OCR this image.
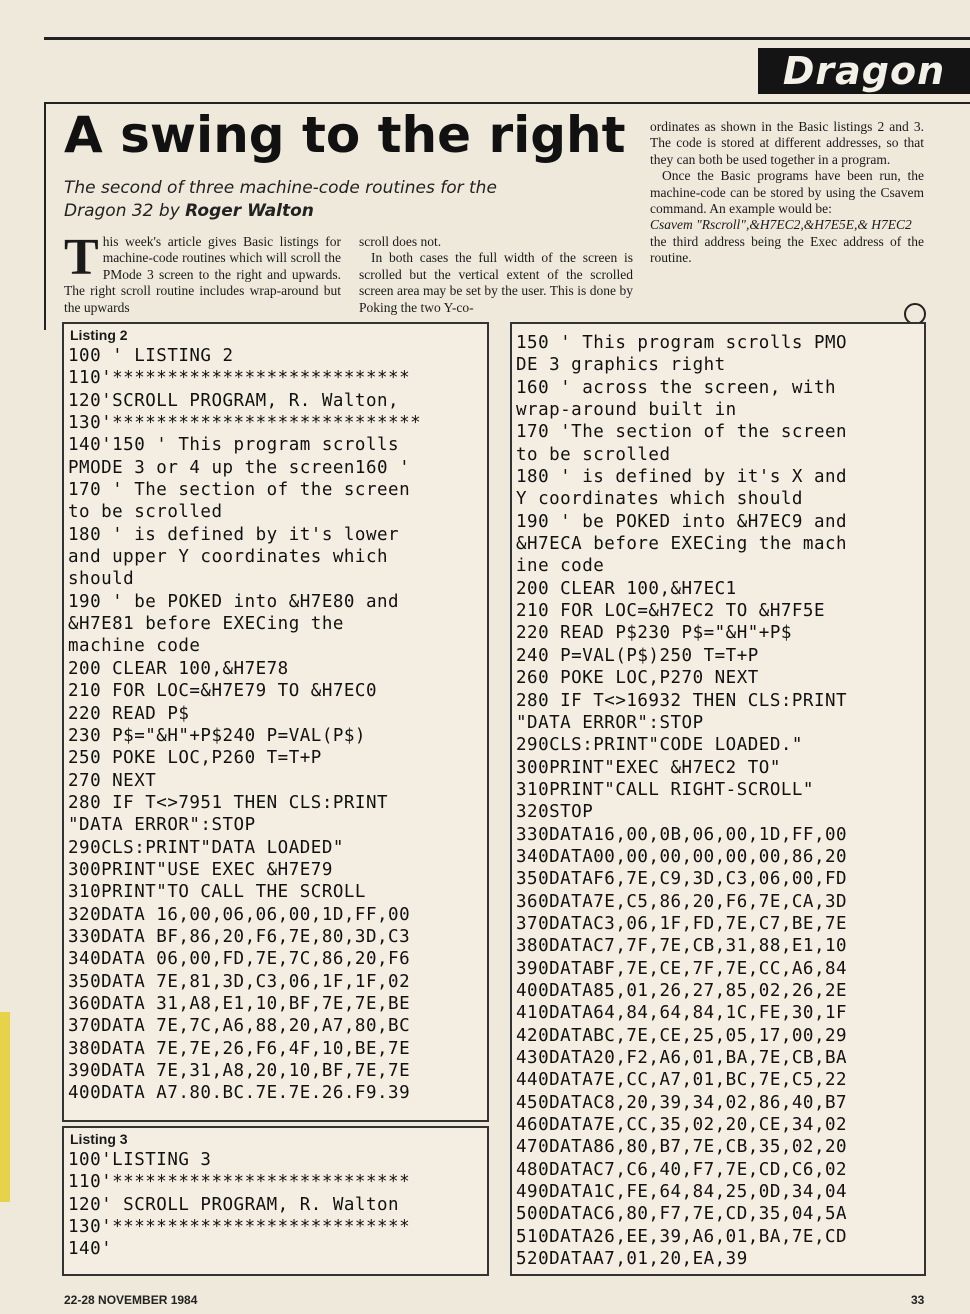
Dragon
A swing to the right
The second of three machine-code routines for the Dragon 32 by Roger Walton
T his week's article gives Basic listings for machine-code routines which will scroll the PMode 3 screen to the right and upwards. The right scroll routine includes wrap-around but the upwards

scroll does not.

In both cases the full width of the screen is scrolled but the vertical extent of the scrolled screen area may be set by the user. This is done by Poking the two Y-co-

ordinates as shown in the Basic listings 2 and 3. The code is stored at different addresses, so that they can both be used together in a program.

Once the Basic programs have been run, the machine-code can be stored by using the Csavem command. An example would be:

Csavem "Rscroll",&H7EC2,&H7E5E,& H7EC2

the third address being the Exec address of the routine.

Listing 2
100 ' LISTING 2
110'***************************
120'SCROLL PROGRAM, R. Walton,
130'****************************
140'150 ' This program scrolls
PMODE 3 or 4 up the screen160 '
170 ' The section of the screen
to be scrolled
180 ' is defined by it's lower
and upper Y coordinates which
should
190 ' be POKED into &H7E80 and
&H7E81 before EXECing the
machine code
200 CLEAR 100,&H7E78
210 FOR LOC=&H7E79 TO &H7EC0
220 READ P$
230 P$="&H"+P$240 P=VAL(P$)
250 POKE LOC,P260 T=T+P
270 NEXT
280 IF T<>7951 THEN CLS:PRINT
"DATA ERROR":STOP
290CLS:PRINT"DATA LOADED"
300PRINT"USE EXEC &H7E79
310PRINT"TO CALL THE SCROLL
320DATA 16,00,06,06,00,1D,FF,00
330DATA BF,86,20,F6,7E,80,3D,C3
340DATA 06,00,FD,7E,7C,86,20,F6
350DATA 7E,81,3D,C3,06,1F,1F,02
360DATA 31,A8,E1,10,BF,7E,7E,BE
370DATA 7E,7C,A6,88,20,A7,80,BC
380DATA 7E,7E,26,F6,4F,10,BE,7E
390DATA 7E,31,A8,20,10,BF,7E,7E
400DATA A7.80.BC.7E.7E.26.F9.39
Listing 3
100'LISTING 3
110'***************************
120' SCROLL PROGRAM, R. Walton
130'***************************
140'
150 ' This program scrolls PMO
DE 3 graphics right
160 ' across the screen, with
wrap-around built in
170 'The section of the screen
to be scrolled
180 ' is defined by it's X and
Y coordinates which should
190 ' be POKED into &H7EC9 and
&H7ECA before EXECing the mach
ine code
200 CLEAR 100,&H7EC1
210 FOR LOC=&H7EC2 TO &H7F5E
220 READ P$230 P$="&H"+P$
240 P=VAL(P$)250 T=T+P
260 POKE LOC,P270 NEXT
280 IF T<>16932 THEN CLS:PRINT
"DATA ERROR":STOP
290CLS:PRINT"CODE LOADED."
300PRINT"EXEC &H7EC2 TO"
310PRINT"CALL RIGHT-SCROLL"
320STOP
330DATA16,00,0B,06,00,1D,FF,00
340DATA00,00,00,00,00,00,86,20
350DATAF6,7E,C9,3D,C3,06,00,FD
360DATA7E,C5,86,20,F6,7E,CA,3D
370DATAC3,06,1F,FD,7E,C7,BE,7E
380DATAC7,7F,7E,CB,31,88,E1,10
390DATABF,7E,CE,7F,7E,CC,A6,84
400DATA85,01,26,27,85,02,26,2E
410DATA64,84,64,84,1C,FE,30,1F
420DATABC,7E,CE,25,05,17,00,29
430DATA20,F2,A6,01,BA,7E,CB,BA
440DATA7E,CC,A7,01,BC,7E,C5,22
450DATAC8,20,39,34,02,86,40,B7
460DATA7E,CC,35,02,20,CE,34,02
470DATA86,80,B7,7E,CB,35,02,20
480DATAC7,C6,40,F7,7E,CD,C6,02
490DATA1C,FE,64,84,25,0D,34,04
500DATAC6,80,F7,7E,CD,35,04,5A
510DATA26,EE,39,A6,01,BA,7E,CD
520DATAA7,01,20,EA,39
22-28 NOVEMBER 1984	33
